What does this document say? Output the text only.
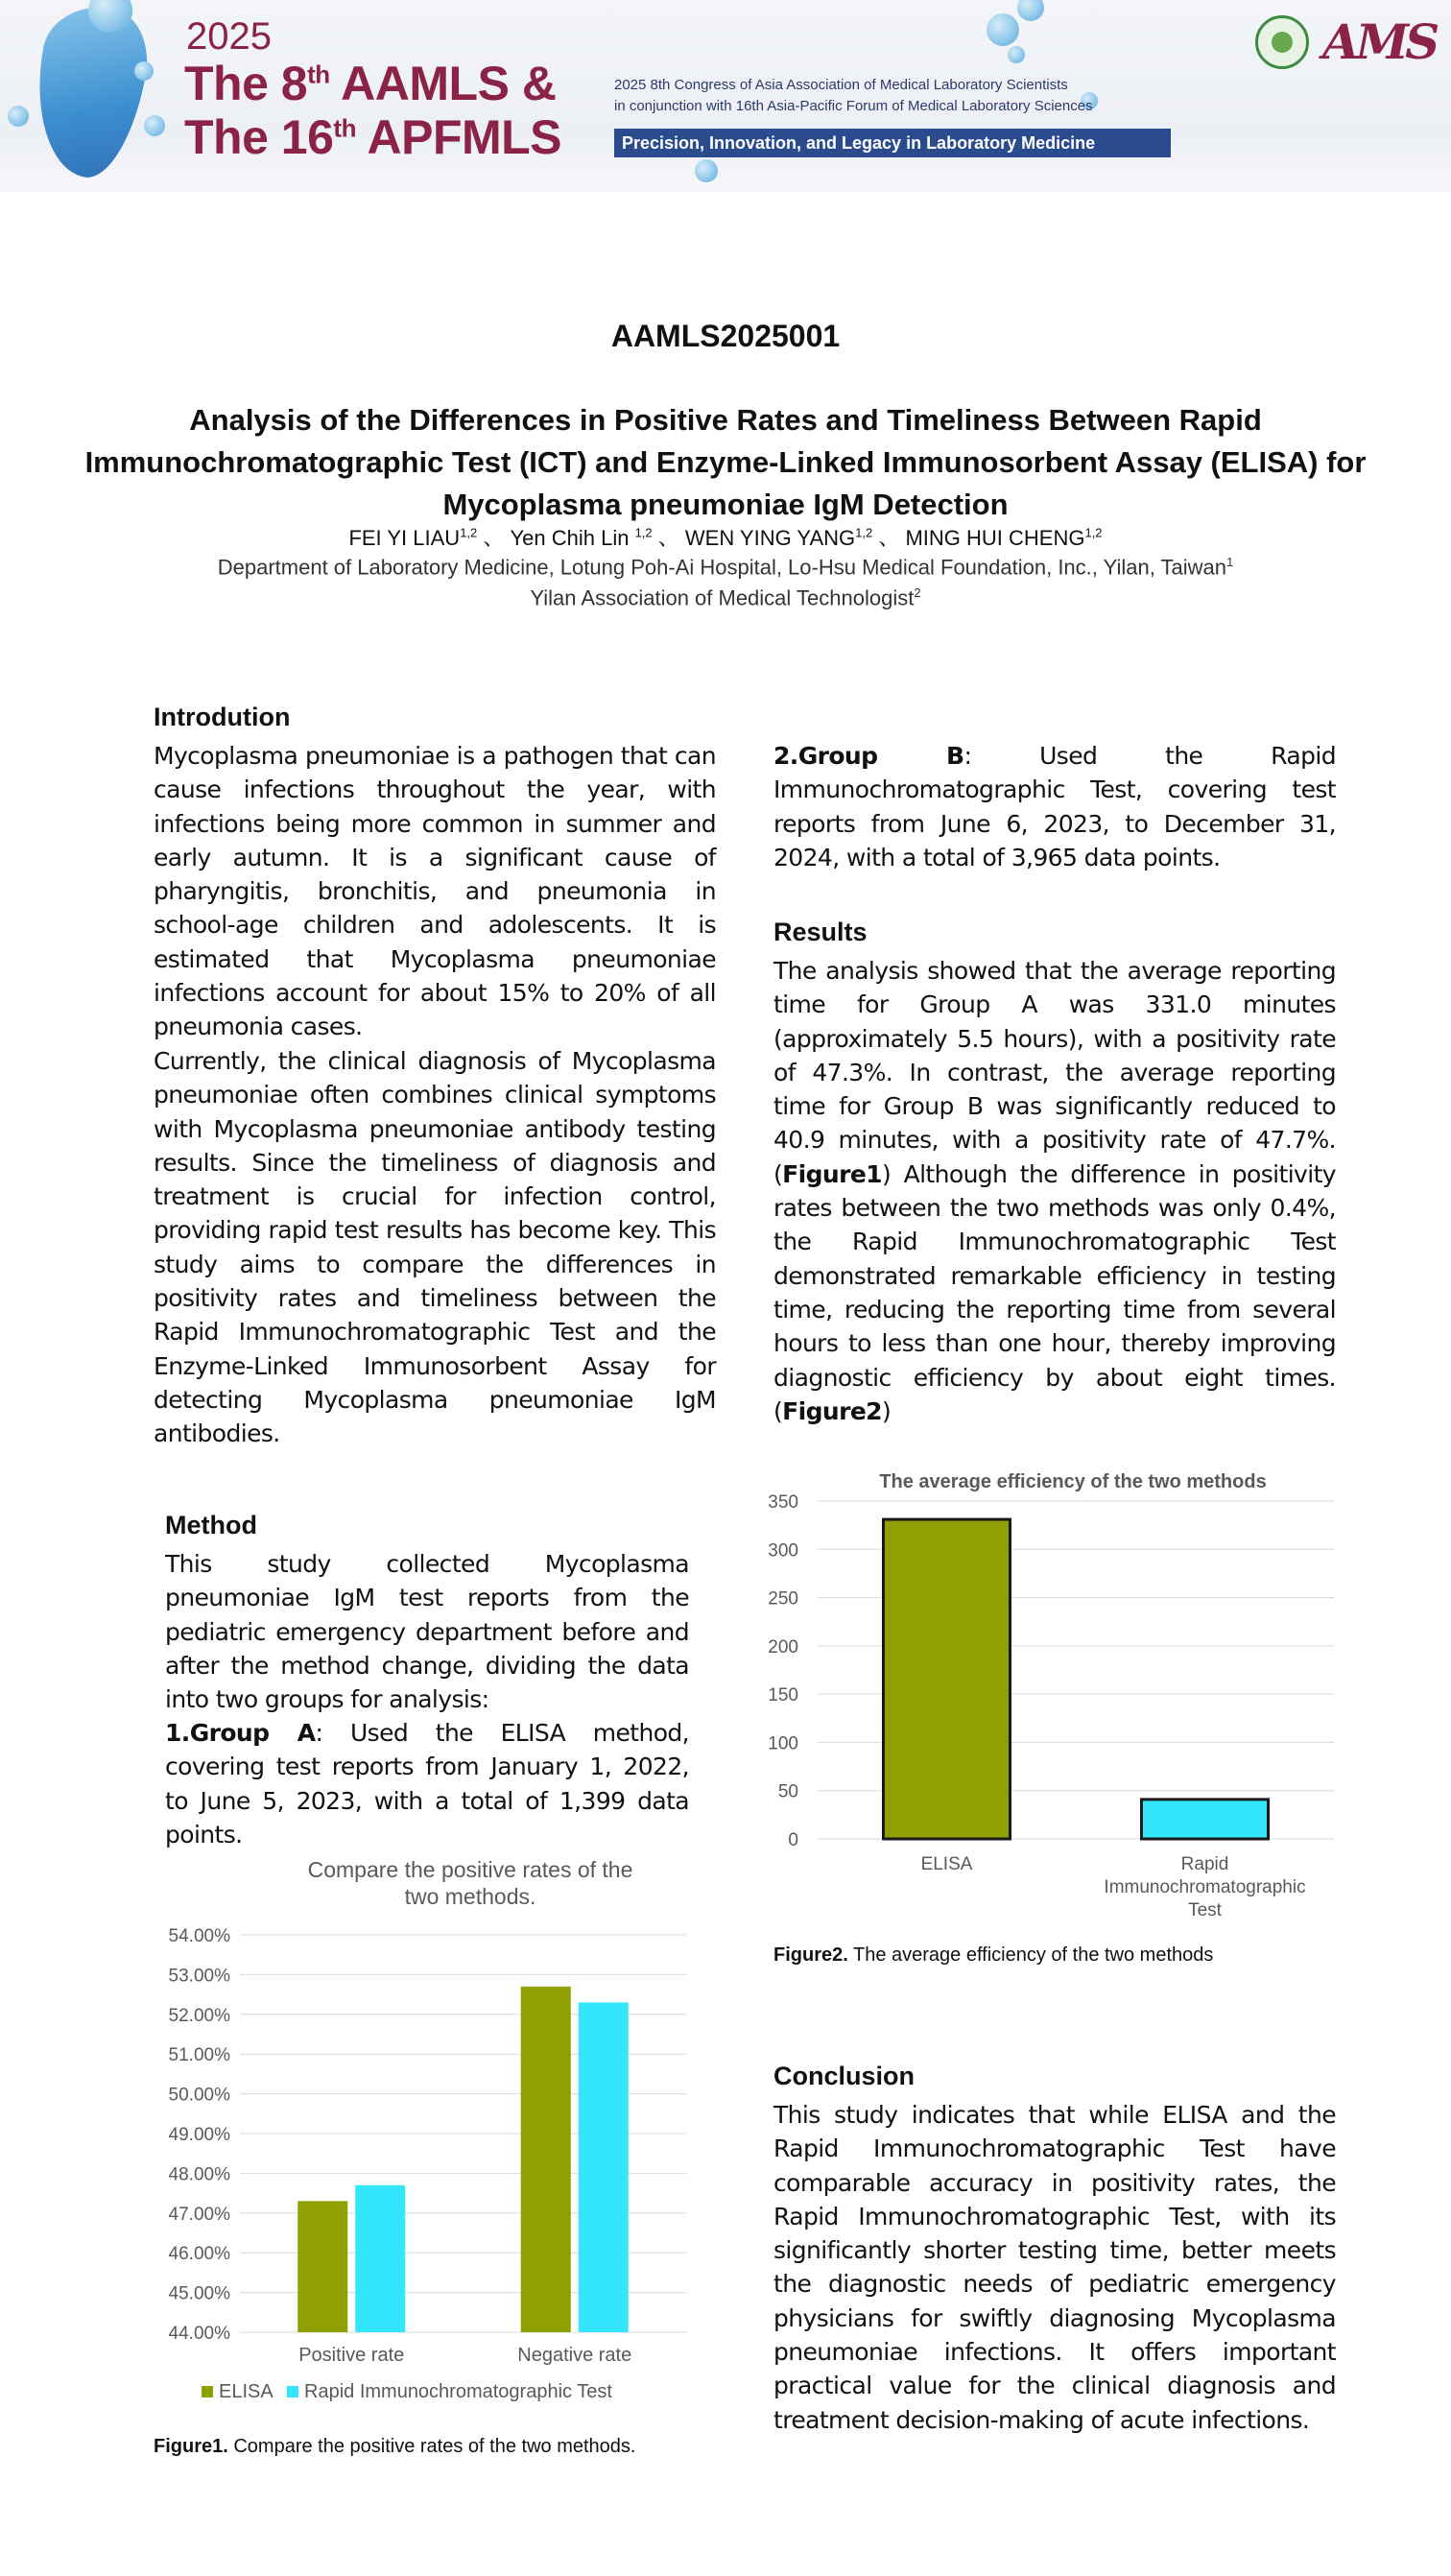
2025
The 8th AAMLS &
The 16th APFMLS
2025 8th Congress of Asia Association of Medical Laboratory Scientists
in conjunction with 16th Asia-Pacific Forum of Medical Laboratory Sciences
Precision, Innovation, and Legacy in Laboratory Medicine
AMS
AAMLS2025001
Analysis of the Differences in Positive Rates and Timeliness Between Rapid Immunochromatographic Test (ICT) and Enzyme-Linked Immunosorbent Assay (ELISA) for Mycoplasma pneumoniae IgM Detection
FEI YI LIAU$^{1,2}$ 、 Yen Chih Lin $^{1,2}$ 、 WEN YING YANG$^{1,2}$ 、 MING HUI CHENG$^{1,2}$
Department of Laboratory Medicine, Lotung Poh-Ai Hospital, Lo-Hsu Medical Foundation, Inc., Yilan, Taiwan$^1$
Yilan Association of Medical Technologist$^2$
Introdution

Mycoplasma pneumoniae is a pathogen that can cause infections throughout the year, with infections being more common in summer and early autumn. It is a significant cause of pharyngitis, bronchitis, and pneumonia in school-age children and adolescents. It is estimated that Mycoplasma pneumoniae infections account for about 15% to 20% of all pneumonia cases.

Currently, the clinical diagnosis of Mycoplasma pneumoniae often combines clinical symptoms with Mycoplasma pneumoniae antibody testing results. Since the timeliness of diagnosis and treatment is crucial for infection control, providing rapid test results has become key. This study aims to compare the differences in positivity rates and timeliness between the Rapid Immunochromatographic Test and the Enzyme-Linked Immunosorbent Assay for detecting Mycoplasma pneumoniae IgM antibodies.

Method

This study collected Mycoplasma pneumoniae IgM test reports from the pediatric emergency department before and after the method change, dividing the data into two groups for analysis:

1.Group A: Used the ELISA method, covering test reports from January 1, 2022, to June 5, 2023, with a total of 1,399 data points.

Compare the positive rates of the
two methods.
44.00%
45.00%
46.00%
47.00%
48.00%
49.00%
50.00%
51.00%
52.00%
53.00%
54.00%
Positive rate	Negative rate
ELISA Rapid Immunochromatographic Test
Figure1. Compare the positive rates of the two methods.

2.Group B: Used the Rapid Immunochromatographic Test, covering test reports from June 6, 2023, to December 31, 2024, with a total of 3,965 data points.

Results

The analysis showed that the average reporting time for Group A was 331.0 minutes (approximately 5.5 hours), with a positivity rate of 47.3%. In contrast, the average reporting time for Group B was significantly reduced to 40.9 minutes, with a positivity rate of 47.7%.(Figure1) Although the difference in positivity rates between the two methods was only 0.4%, the Rapid Immunochromatographic Test demonstrated remarkable efficiency in testing time, reducing the reporting time from several hours to less than one hour, thereby improving diagnostic efficiency by about eight times.(Figure2)

The average efficiency of the two methods
0
50
100
150
200
250
300
350
ELISA	Rapid
Immunochromatographic
Test
Figure2. The average efficiency of the two methods
Conclusion

This study indicates that while ELISA and the Rapid Immunochromatographic Test have comparable accuracy in positivity rates, the Rapid Immunochromatographic Test, with its significantly shorter testing time, better meets the diagnostic needs of pediatric emergency physicians for swiftly diagnosing Mycoplasma pneumoniae infections. It offers important practical value for the clinical diagnosis and treatment decision-making of acute infections.
